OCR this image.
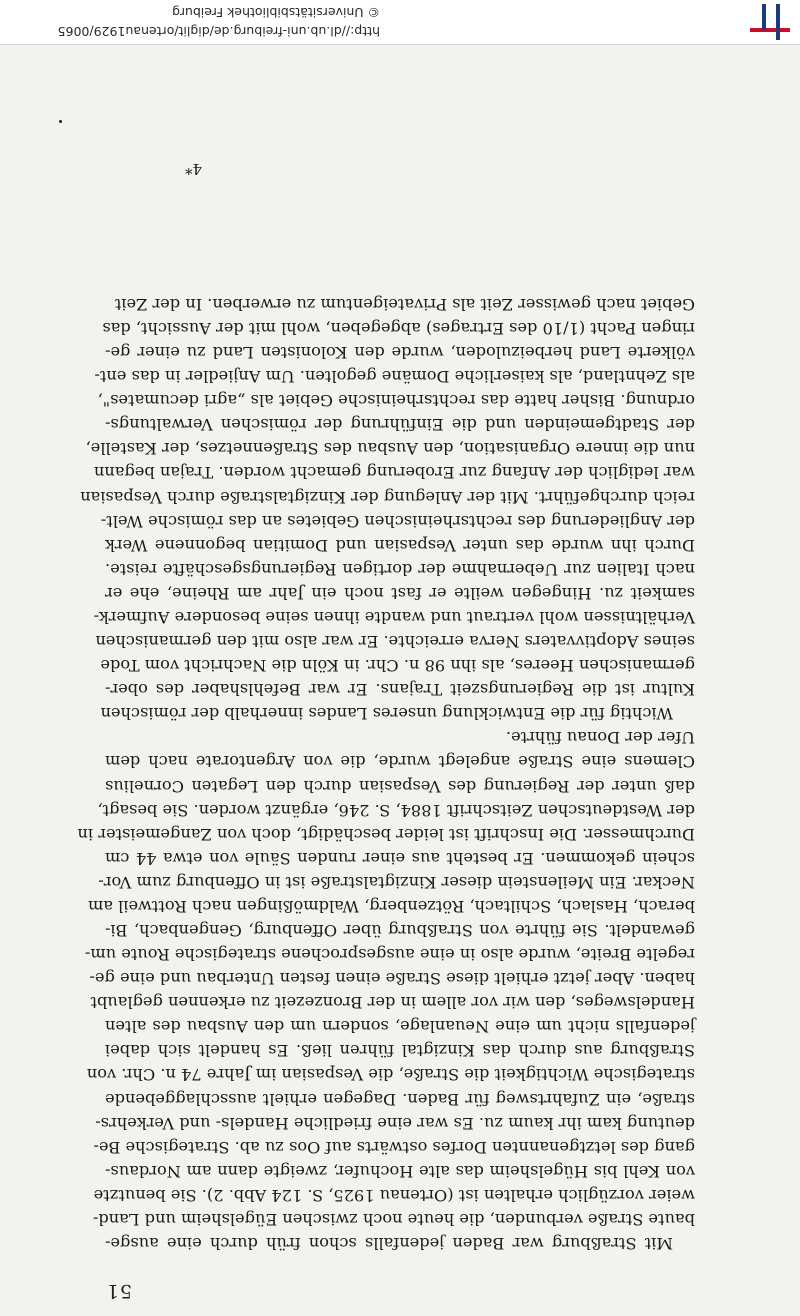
51
Mit Straßburg war Baden jedenfalls schon früh durch eine ausge-
baute Straße verbunden, die heute noch zwischen Eügelsheim und Land-
weier vorzüglich erhalten ist (Ortenau 1925, S. 124 Abb. 2). Sie benutzte
von Kehl bis Hügelsheim das alte Hochufer, zweigte dann am Nordaus-
gang des letztgenannten Dorfes ostwärts auf Oos zu ab. Strategische Be-
deutung kam ihr kaum zu. Es war eine friedliche Handels- und Verkehrs-
straße, ein Zufahrtsweg für Baden. Dagegen erhielt ausschlaggebende
strategische Wichtigkeit die Straße, die Vespasian im Jahre 74 n. Chr. von
Straßburg aus durch das Kinzigtal führen ließ. Es handelt sich dabei
jedenfalls nicht um eine Neuanlage, sondern um den Ausbau des alten
Handelsweges, den wir vor allem in der Bronzezeit zu erkennen geglaubt
haben. Aber jetzt erhielt diese Straße einen festen Unterbau und eine ge-
regelte Breite, wurde also in eine ausgesprochene strategische Route um-
gewandelt. Sie führte von Straßburg über Offenburg, Gengenbach, Bi-
berach, Haslach, Schiltach, Rötzenberg, Waldmößingen nach Rottweil am
Neckar. Ein Meilenstein dieser Kinzigtalstraße ist in Offenburg zum Vor-
schein gekommen. Er besteht aus einer runden Säule von etwa 44 cm
Durchmesser. Die Inschrift ist leider beschädigt, doch von Zangemeister in
der Westdeutschen Zeitschrift 1884, S. 246, ergänzt worden. Sie besagt,
daß unter der Regierung des Vespasian durch den Legaten Cornelius
Clemens eine Straße angelegt wurde, die von Argentorate nach dem
Ufer der Donau führte.
Wichtig für die Entwicklung unseres Landes innerhalb der römischen
Kultur ist die Regierungszeit Trajans. Er war Befehlshaber des ober-
germanischen Heeres, als ihn 98 n. Chr. in Köln die Nachricht vom Tode
seines Adoptivvaters Nerva erreichte. Er war also mit den germanischen
Verhältnissen wohl vertraut und wandte ihnen seine besondere Aufmerk-
samkeit zu. Hingegen weilte er fast noch ein Jahr am Rheine, ehe er
nach Italien zur Uebernahme der dortigen Regierungsgeschäfte reiste.
Durch ihn wurde das unter Vespasian und Domitian begonnene Werk
der Angliederung des rechtsrheinischen Gebietes an das römische Welt-
reich durchgeführt. Mit der Anlegung der Kinzigtalstraße durch Vespasian
war lediglich der Anfang zur Eroberung gemacht worden. Trajan begann
nun die innere Organisation, den Ausbau des Straßennetzes, der Kastelle,
der Stadtgemeinden und die Einführung der römischen Verwaltungs-
ordnung. Bisher hatte das rechtsrheinische Gebiet als „agri decumates",
als Zehntland, als kaiserliche Domäne gegolten. Um Anjiedler in das ent-
völkerte Land herbeizuloden, wurde den Kolonisten Land zu einer ge-
ringen Pacht (1/10 des Ertrages) abgegeben, wohl mit der Aussicht, das
Gebiet nach gewisser Zeit als Privateigentum zu erwerben. In der Zeit
4*
http://dl.ub.uni-freiburg.de/diglit/ortenau1929/0065
© Universitätsbibliothek Freiburg
